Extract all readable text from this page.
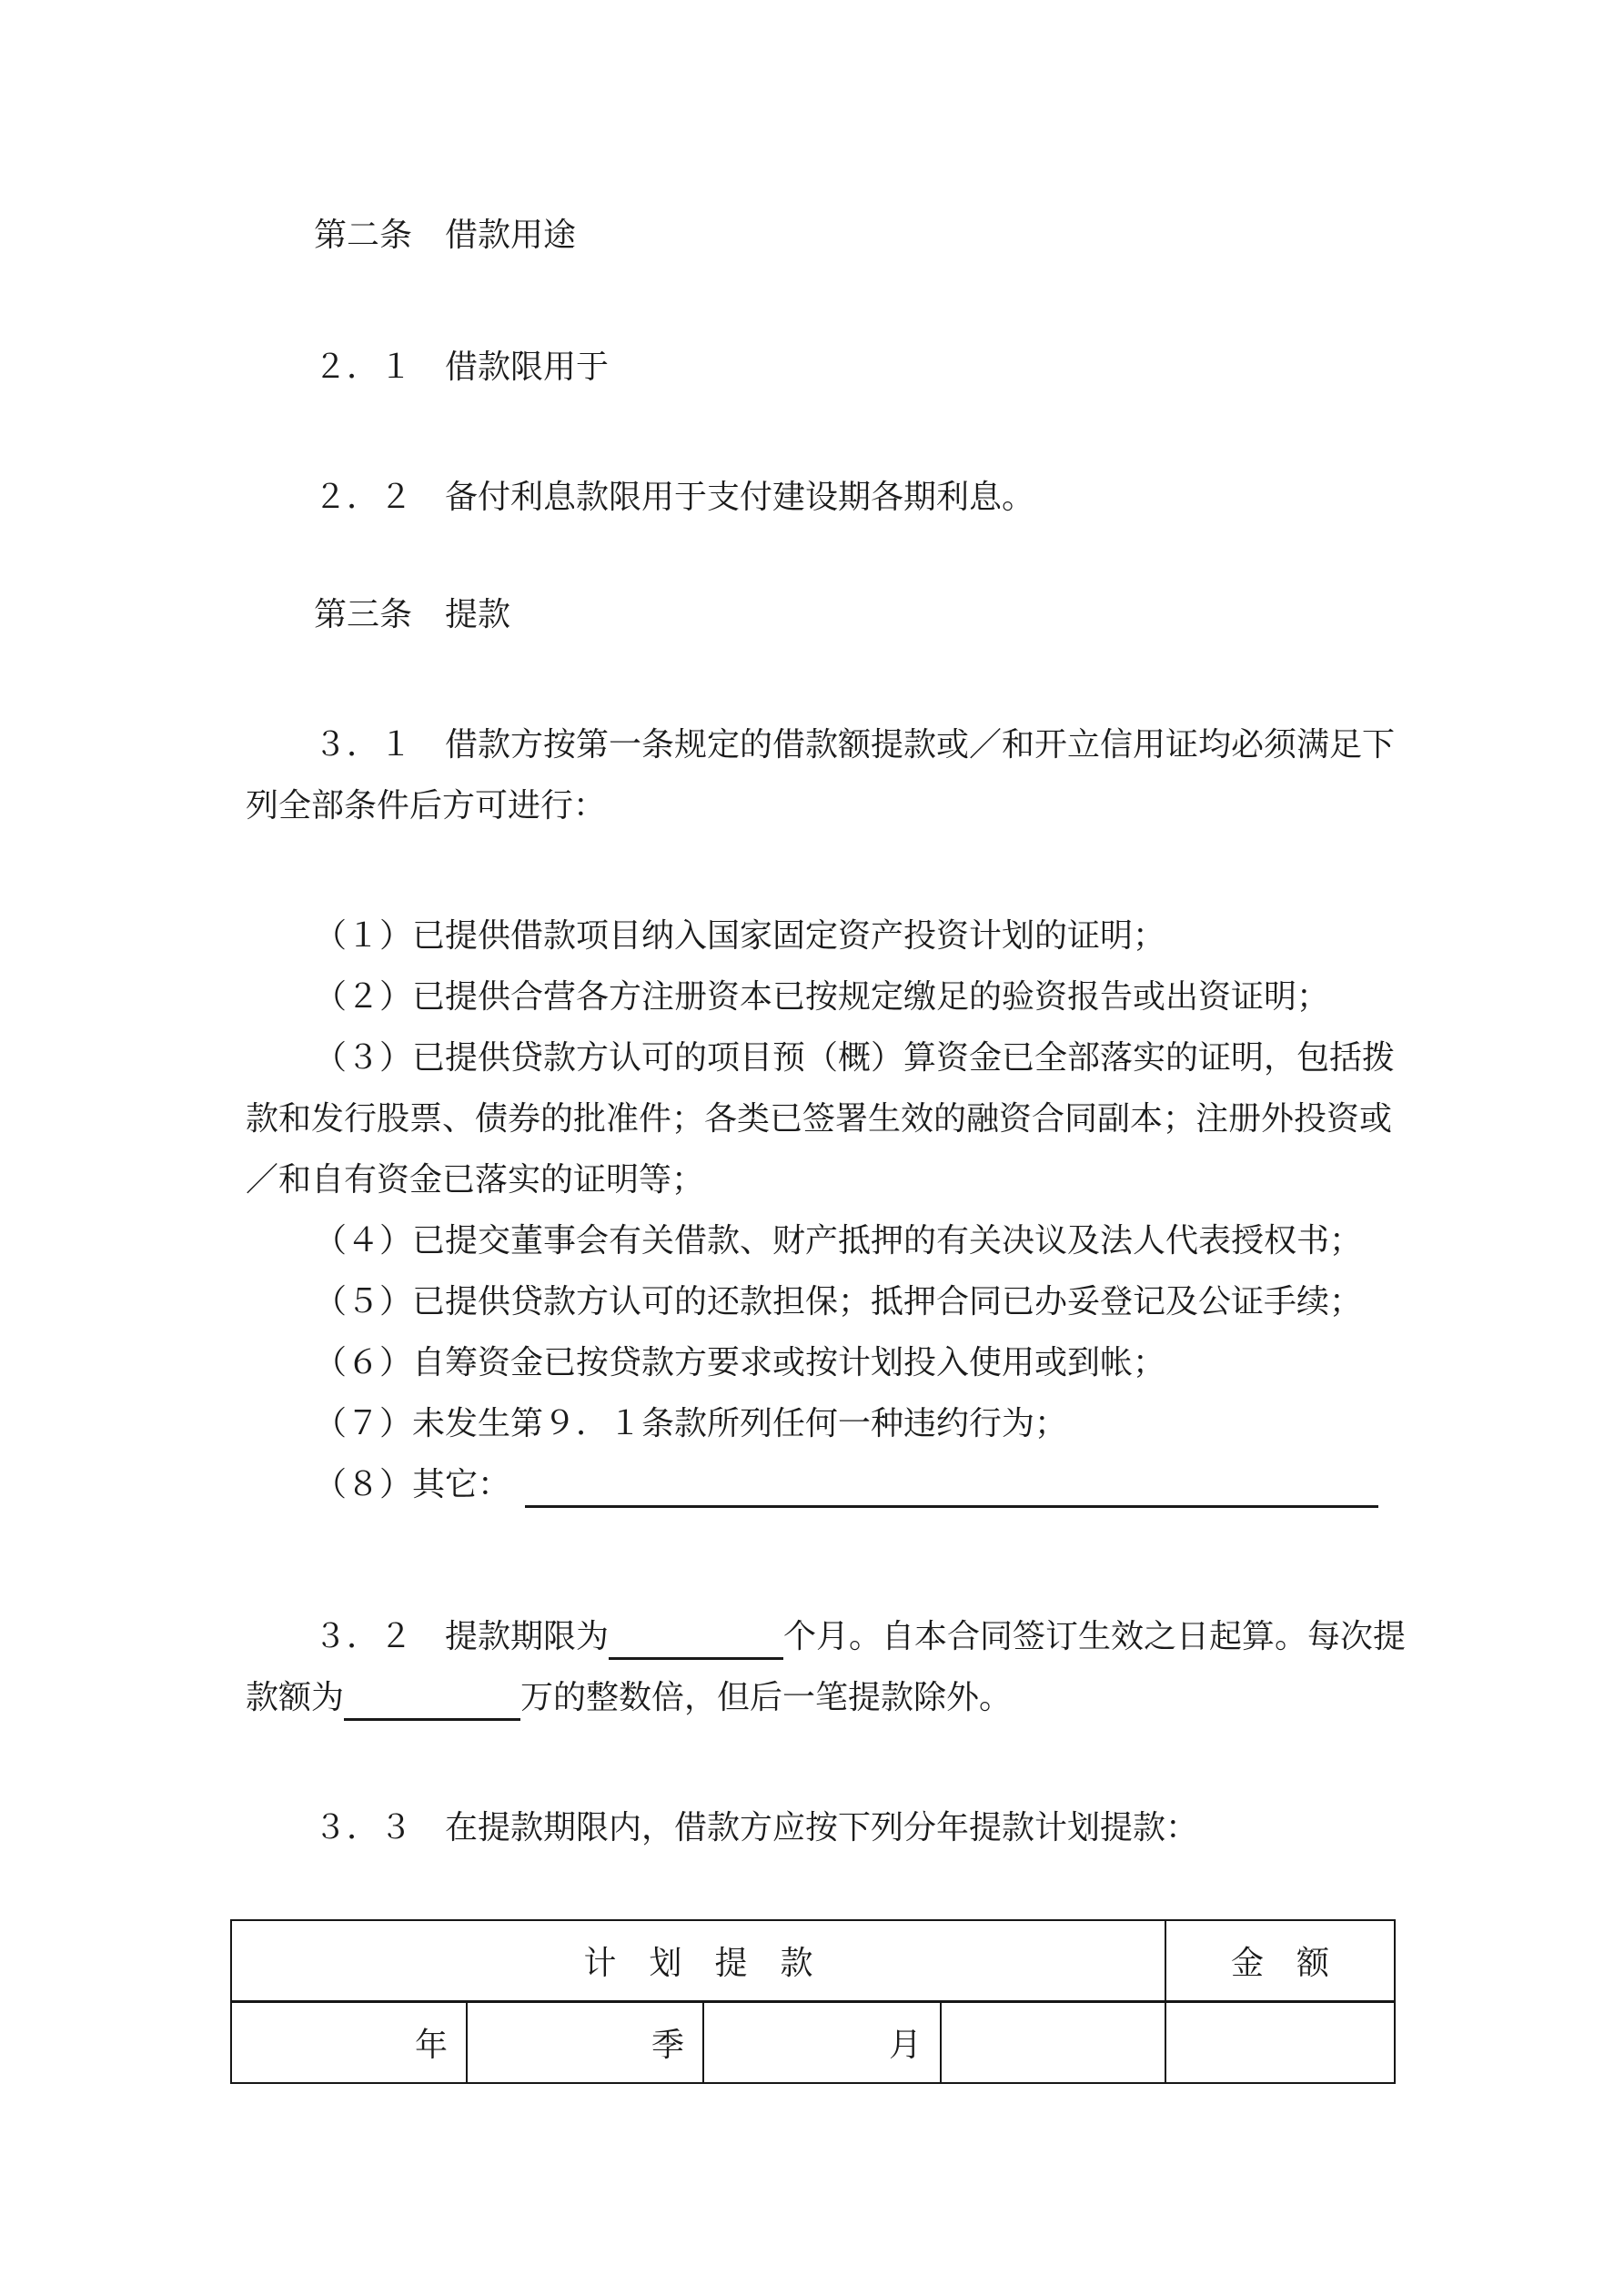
第二条　借款用途
２．１　借款限用于
２．２　备付利息款限用于支付建设期各期利息。
第三条　提款
３．１　借款方按第一条规定的借款额提款或／和开立信用证均必须满足下
列全部条件后方可进行：
（１）已提供借款项目纳入国家固定资产投资计划的证明；
（２）已提供合营各方注册资本已按规定缴足的验资报告或出资证明；
（３）已提供贷款方认可的项目预（概）算资金已全部落实的证明，包括拨
款和发行股票、债券的批准件；各类已签署生效的融资合同副本；注册外投资或
／和自有资金已落实的证明等；
（４）已提交董事会有关借款、财产抵押的有关决议及法人代表授权书；
（５）已提供贷款方认可的还款担保；抵押合同已办妥登记及公证手续；
（６）自筹资金已按贷款方要求或按计划投入使用或到帐；
（７）未发生第９．１条款所列任何一种违约行为；
（８）其它：
３．２　提款期限为	个月。自本合同签订生效之日起算。每次提
款额为	万的整数倍，但后一笔提款除外。
３．３　在提款期限内，借款方应按下列分年提款计划提款：
计　划　提　款				金　额
年	季	月		
